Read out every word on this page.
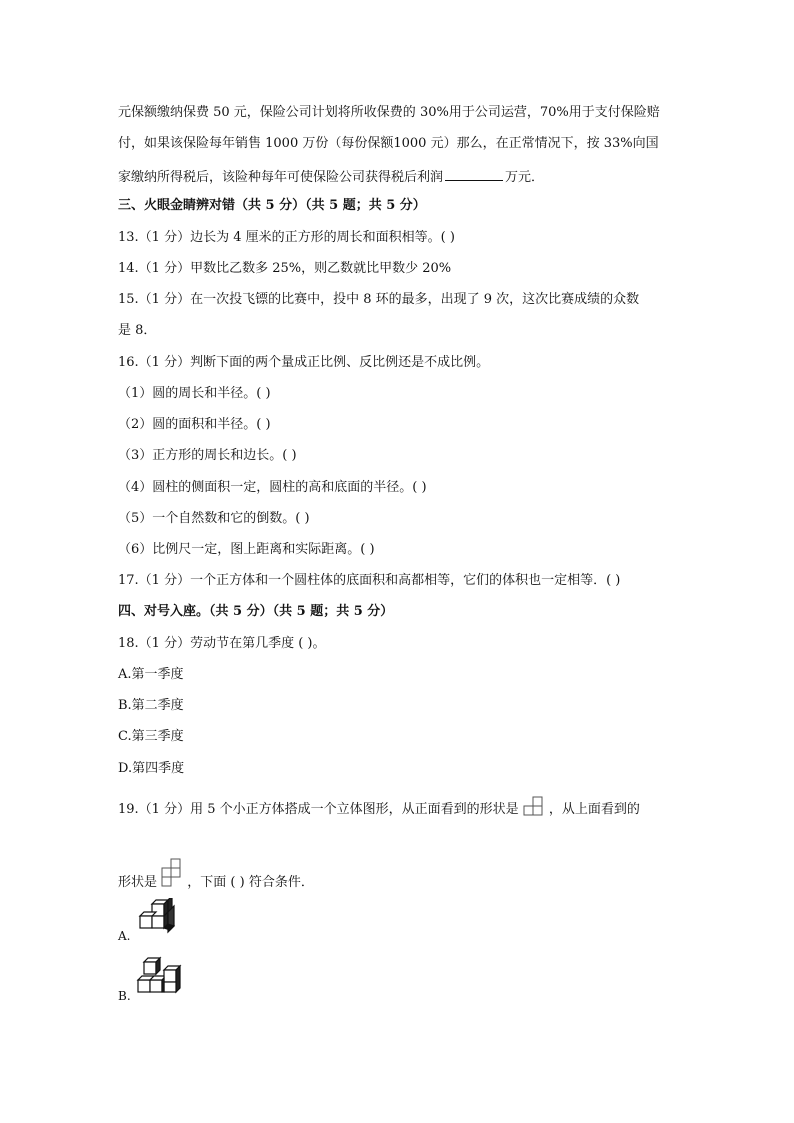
元保额缴纳保费 50 元，保险公司计划将所收保费的 30%用于公司运营，70%用于支付保险赔
付，如果该保险每年销售 1000 万份（每份保额1000 元）那么，在正常情况下，按 33%向国
家缴纳所得税后，该险种每年可使保险公司获得税后利润	万元．
三、火眼金睛辨对错（共 5 分）（共 5 题；共 5 分）
13.（1 分）边长为 4 厘米的正方形的周长和面积相等。( )
14.（1 分）甲数比乙数多 25%，则乙数就比甲数少 20%
15.（1 分）在一次投飞镖的比赛中，投中 8 环的最多，出现了 9 次，这次比赛成绩的众数
是 8．
16.（1 分）判断下面的两个量成正比例、反比例还是不成比例。
（1）圆的周长和半径。( )
（2）圆的面积和半径。( )
（3）正方形的周长和边长。( )
（4）圆柱的侧面积一定，圆柱的高和底面的半径。( )
（5）一个自然数和它的倒数。( )
（6）比例尺一定，图上距离和实际距离。( )
17.（1 分）一个正方体和一个圆柱体的底面积和高都相等，它们的体积也一定相等．( )
四、对号入座。（共 5 分）（共 5 题；共 5 分）
18.（1 分）劳动节在第几季度 ( )。
A.第一季度
B.第二季度
C.第三季度
D.第四季度
19.（1 分）用 5 个小正方体搭成一个立体图形，从正面看到的形状是 ，从上面看到的
形状是 ，下面 ( ) 符合条件．
A.
B.
